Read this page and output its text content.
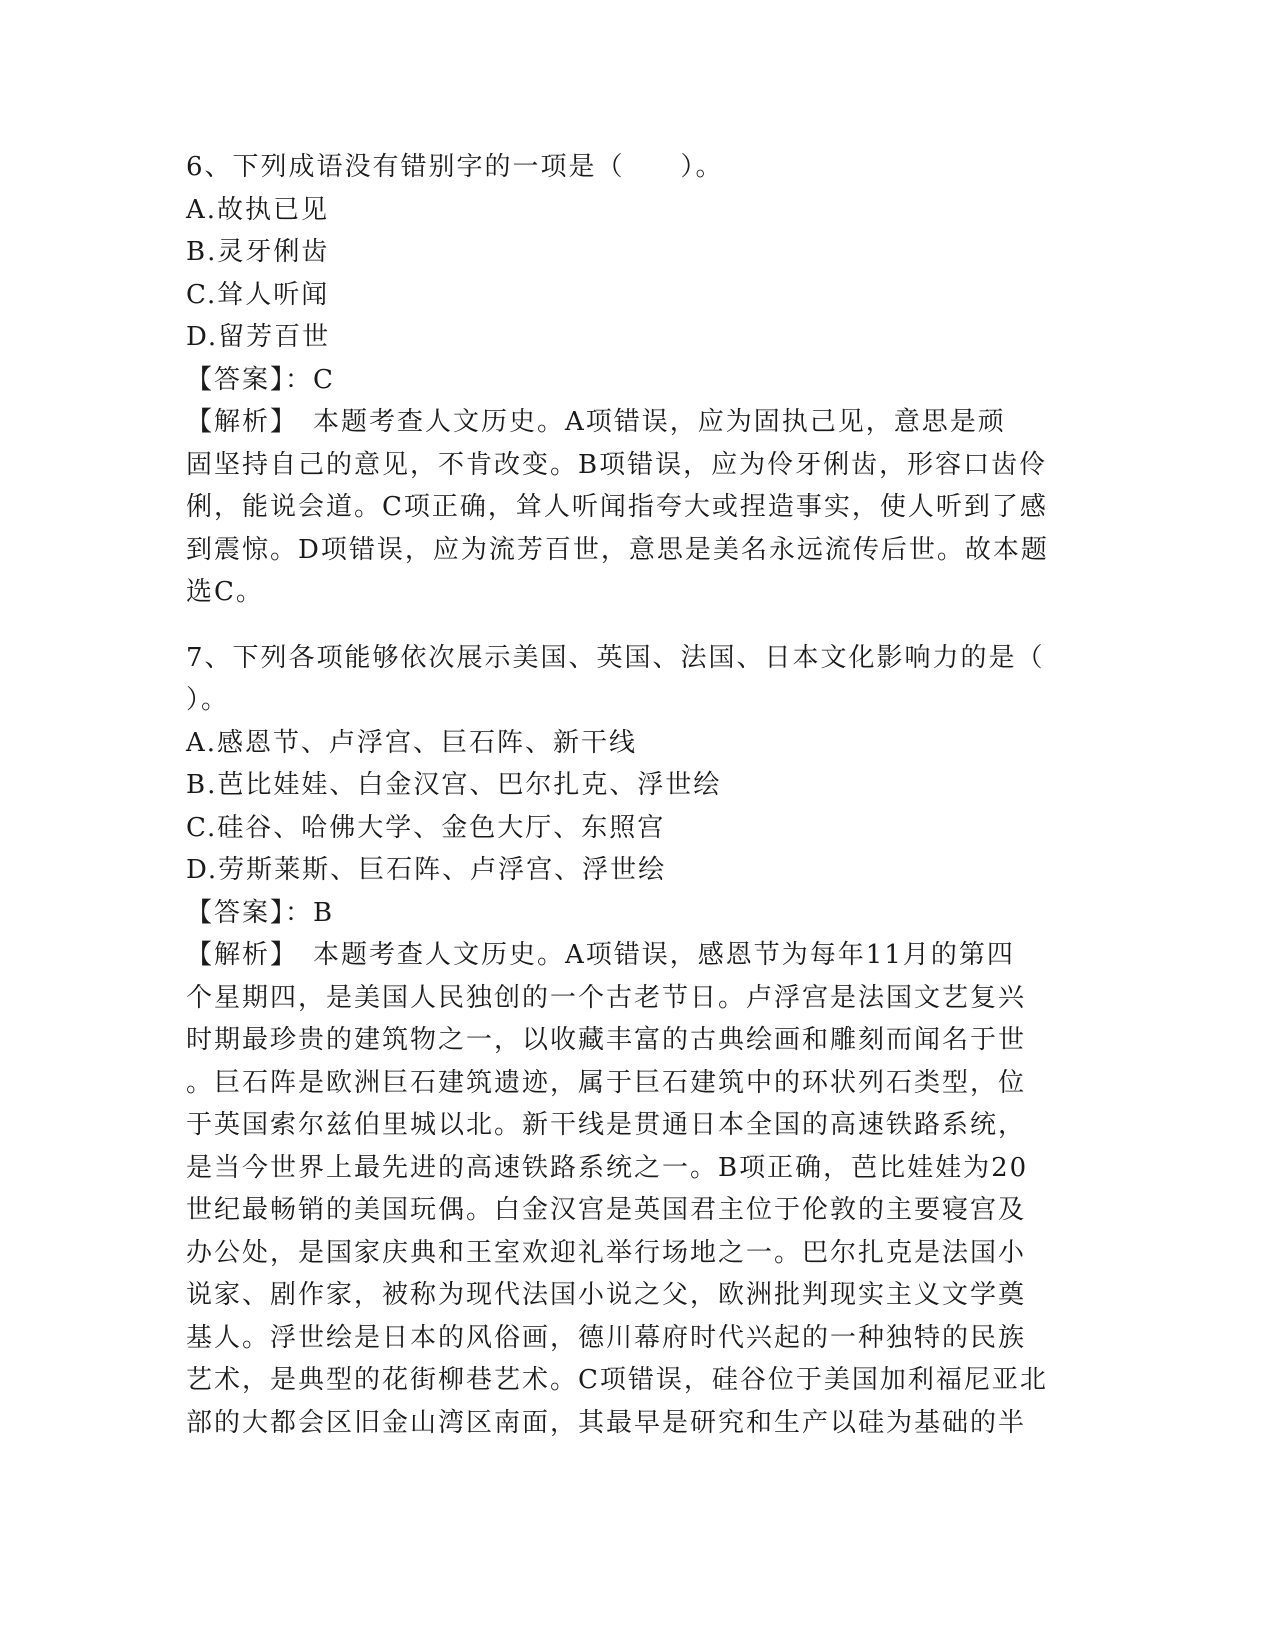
6、下列成语没有错别字的一项是（　　）。
A.故执已见
B.灵牙俐齿
C.耸人听闻
D.留芳百世
【答案】：C
【解析】　本题考查人文历史。A项错误，应为固执己见，意思是顽
固坚持自己的意见，不肯改变。B项错误，应为伶牙俐齿，形容口齿伶
俐，能说会道。C项正确，耸人听闻指夸大或捏造事实，使人听到了感
到震惊。D项错误，应为流芳百世，意思是美名永远流传后世。故本题
选C。
7、下列各项能够依次展示美国、英国、法国、日本文化影响力的是（
）。
A.感恩节、卢浮宫、巨石阵、新干线
B.芭比娃娃、白金汉宫、巴尔扎克、浮世绘
C.硅谷、哈佛大学、金色大厅、东照宫
D.劳斯莱斯、巨石阵、卢浮宫、浮世绘
【答案】：B
【解析】　本题考查人文历史。A项错误，感恩节为每年11月的第四
个星期四，是美国人民独创的一个古老节日。卢浮宫是法国文艺复兴
时期最珍贵的建筑物之一，以收藏丰富的古典绘画和雕刻而闻名于世
。巨石阵是欧洲巨石建筑遗迹，属于巨石建筑中的环状列石类型，位
于英国索尔兹伯里城以北。新干线是贯通日本全国的高速铁路系统，
是当今世界上最先进的高速铁路系统之一。B项正确，芭比娃娃为20
世纪最畅销的美国玩偶。白金汉宫是英国君主位于伦敦的主要寝宫及
办公处，是国家庆典和王室欢迎礼举行场地之一。巴尔扎克是法国小
说家、剧作家，被称为现代法国小说之父，欧洲批判现实主义文学奠
基人。浮世绘是日本的风俗画，德川幕府时代兴起的一种独特的民族
艺术，是典型的花街柳巷艺术。C项错误，硅谷位于美国加利福尼亚北
部的大都会区旧金山湾区南面，其最早是研究和生产以硅为基础的半
